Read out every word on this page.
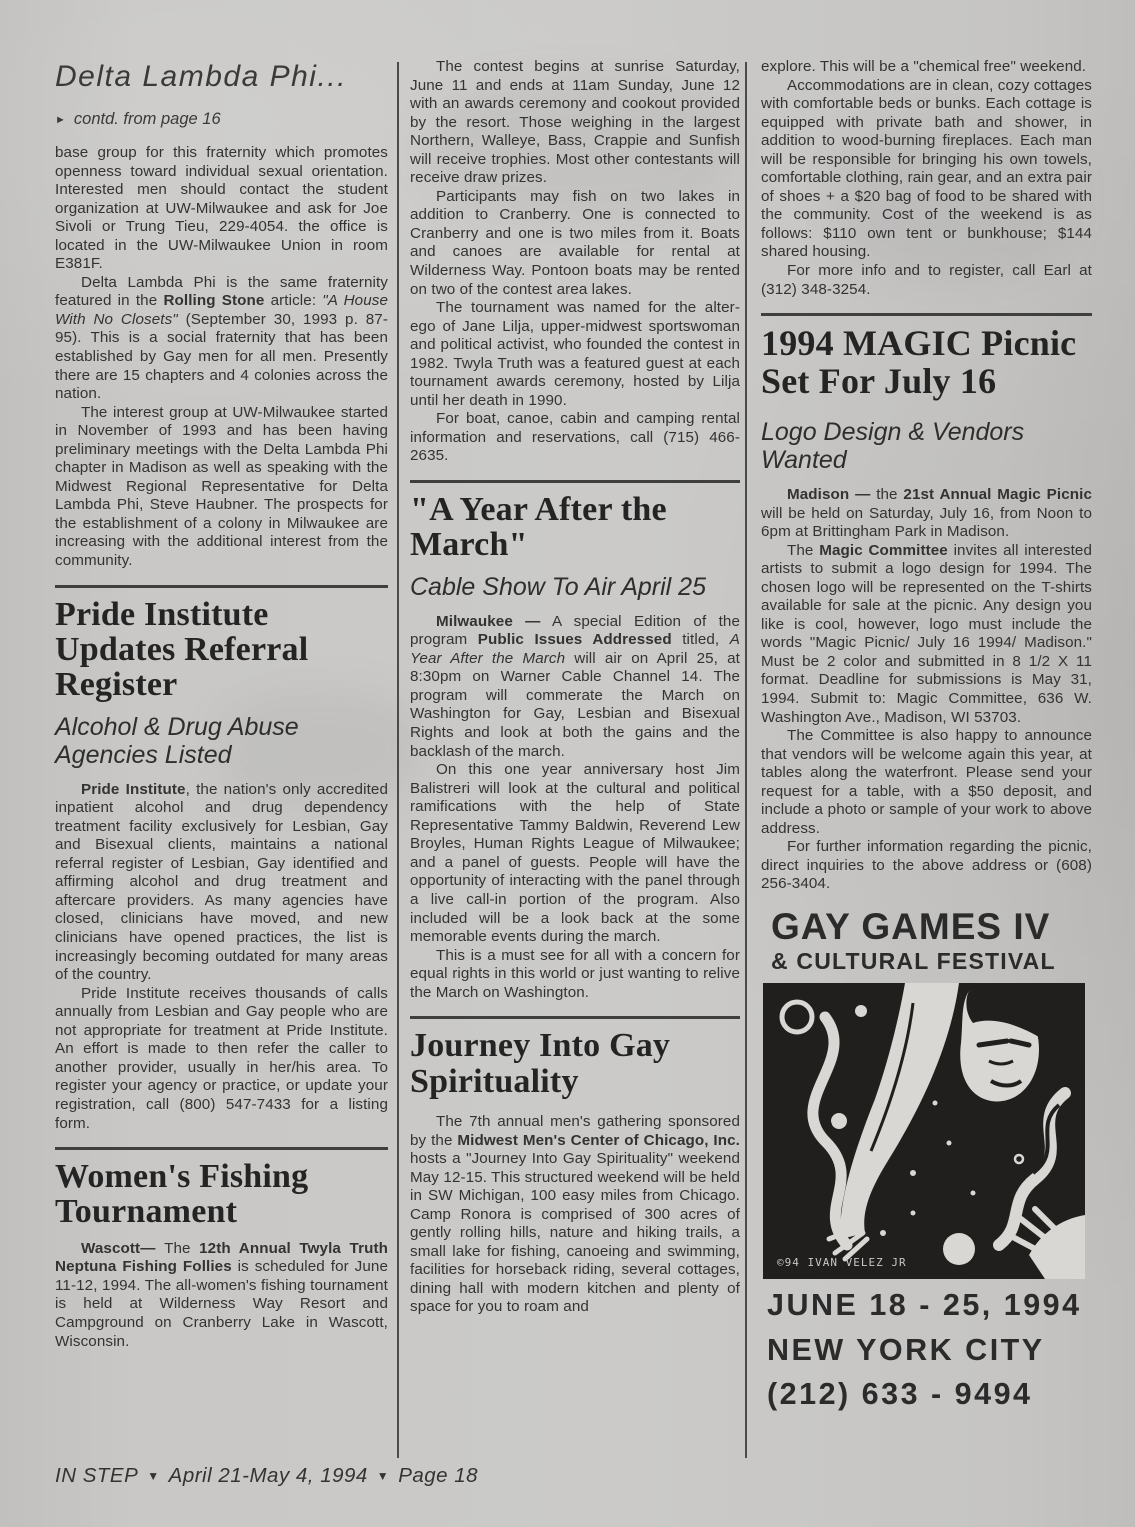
Delta Lambda Phi...
► contd. from page 16

base group for this fraternity which promotes openness toward individual sexual orientation. Interested men should contact the student organization at UW-Milwaukee and ask for Joe Sivoli or Trung Tieu, 229-4054. the office is located in the UW-Milwaukee Union in room E381F.

Delta Lambda Phi is the same fraternity featured in the Rolling Stone article: "A House With No Closets" (September 30, 1993 p. 87-95). This is a social fraternity that has been established by Gay men for all men. Presently there are 15 chapters and 4 colonies across the nation.

The interest group at UW-Milwaukee started in November of 1993 and has been having preliminary meetings with the Delta Lambda Phi chapter in Madison as well as speaking with the Midwest Regional Representative for Delta Lambda Phi, Steve Haubner. The prospects for the establishment of a colony in Milwaukee are increasing with the additional interest from the community.

Pride Institute Updates Referral Register
Alcohol & Drug Abuse Agencies Listed

Pride Institute, the nation's only accredited inpatient alcohol and drug dependency treatment facility exclusively for Lesbian, Gay and Bisexual clients, maintains a national referral register of Lesbian, Gay identified and affirming alcohol and drug treatment and aftercare providers. As many agencies have closed, clinicians have moved, and new clinicians have opened practices, the list is increasingly becoming outdated for many areas of the country.

Pride Institute receives thousands of calls annually from Lesbian and Gay people who are not appropriate for treatment at Pride Institute. An effort is made to then refer the caller to another provider, usually in her/his area. To register your agency or practice, or update your registration, call (800) 547-7433 for a listing form.

Women's Fishing Tournament

Wascott— The 12th Annual Twyla Truth Neptuna Fishing Follies is scheduled for June 11-12, 1994. The all-women's fishing tournament is held at Wilderness Way Resort and Campground on Cranberry Lake in Wascott, Wisconsin.

The contest begins at sunrise Saturday, June 11 and ends at 11am Sunday, June 12 with an awards ceremony and cookout provided by the resort. Those weighing in the largest Northern, Walleye, Bass, Crappie and Sunfish will receive trophies. Most other contestants will receive draw prizes.

Participants may fish on two lakes in addition to Cranberry. One is connected to Cranberry and one is two miles from it. Boats and canoes are available for rental at Wilderness Way. Pontoon boats may be rented on two of the contest area lakes.

The tournament was named for the alter-ego of Jane Lilja, upper-midwest sportswoman and political activist, who founded the contest in 1982. Twyla Truth was a featured guest at each tournament awards ceremony, hosted by Lilja until her death in 1990.

For boat, canoe, cabin and camping rental information and reservations, call (715) 466-2635.

"A Year After the March"
Cable Show To Air April 25

Milwaukee — A special Edition of the program Public Issues Addressed titled, A Year After the March will air on April 25, at 8:30pm on Warner Cable Channel 14. The program will commerate the March on Washington for Gay, Lesbian and Bisexual Rights and look at both the gains and the backlash of the march.

On this one year anniversary host Jim Balistreri will look at the cultural and political ramifications with the help of State Representative Tammy Baldwin, Reverend Lew Broyles, Human Rights League of Milwaukee; and a panel of guests. People will have the opportunity of interacting with the panel through a live call-in portion of the program. Also included will be a look back at the some memorable events during the march.

This is a must see for all with a concern for equal rights in this world or just wanting to relive the March on Washington.

Journey Into Gay Spirituality

The 7th annual men's gathering sponsored by the Midwest Men's Center of Chicago, Inc. hosts a "Journey Into Gay Spirituality" weekend May 12-15. This structured weekend will be held in SW Michigan, 100 easy miles from Chicago. Camp Ronora is comprised of 300 acres of gently rolling hills, nature and hiking trails, a small lake for fishing, canoeing and swimming, facilities for horseback riding, several cottages, dining hall with modern kitchen and plenty of space for you to roam and

explore. This will be a "chemical free" weekend.

Accommodations are in clean, cozy cottages with comfortable beds or bunks. Each cottage is equipped with private bath and shower, in addition to wood-burning fireplaces. Each man will be responsible for bringing his own towels, comfortable clothing, rain gear, and an extra pair of shoes + a $20 bag of food to be shared with the community. Cost of the weekend is as follows: $110 own tent or bunkhouse; $144 shared housing.

For more info and to register, call Earl at (312) 348-3254.

1994 MAGIC Picnic Set For July 16
Logo Design & Vendors Wanted

Madison — the 21st Annual Magic Picnic will be held on Saturday, July 16, from Noon to 6pm at Brittingham Park in Madison.

The Magic Committee invites all interested artists to submit a logo design for 1994. The chosen logo will be represented on the T-shirts available for sale at the picnic. Any design you like is cool, however, logo must include the words "Magic Picnic/ July 16 1994/ Madison." Must be 2 color and submitted in 8 1/2 X 11 format. Deadline for submissions is May 31, 1994. Submit to: Magic Committee, 636 W. Washington Ave., Madison, WI 53703.

The Committee is also happy to announce that vendors will be welcome again this year, at tables along the waterfront. Please send your request for a table, with a $50 deposit, and include a photo or sample of your work to above address.

For further information regarding the picnic, direct inquiries to the above address or (608) 256-3404.

GAY GAMES IV
& CULTURAL FESTIVAL
©94 IVAN VELEZ JR
JUNE 18 - 25, 1994
NEW YORK CITY
(212) 633 - 9494
IN STEP ▼ April 21-May 4, 1994 ▼ Page 18
